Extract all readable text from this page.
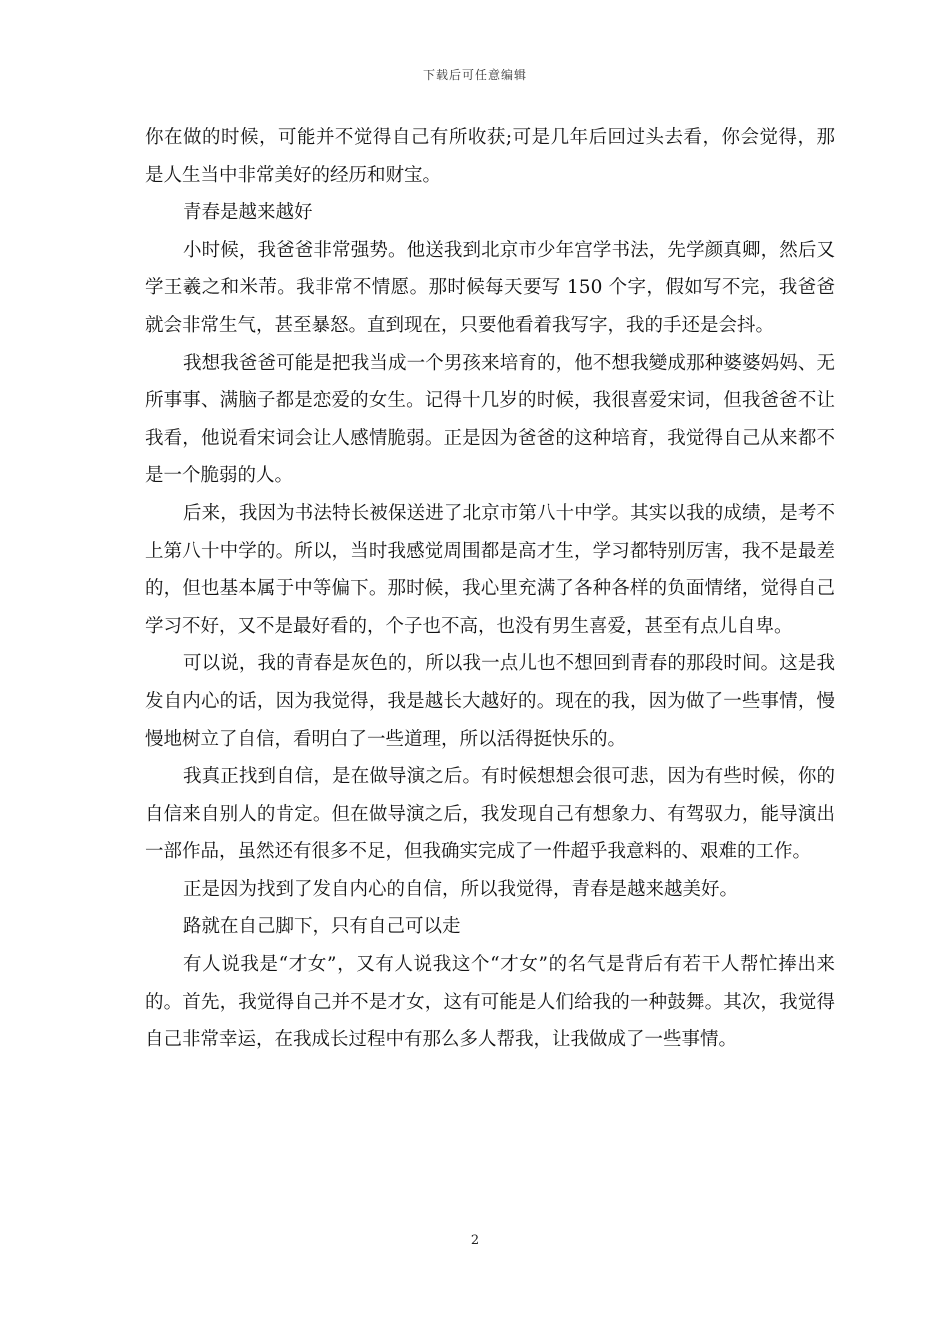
下载后可任意编辑

你在做的时候，可能并不觉得自己有所收获;可是几年后回过头去看，你会觉得，那是人生当中非常美好的经历和财宝。

青春是越来越好

小时候，我爸爸非常强势。他送我到北京市少年宫学书法，先学颜真卿，然后又学王羲之和米芾。我非常不情愿。那时候每天要写 150 个字，假如写不完，我爸爸就会非常生气，甚至暴怒。直到现在，只要他看着我写字，我的手还是会抖。

我想我爸爸可能是把我当成一个男孩来培育的，他不想我變成那种婆婆妈妈、无所事事、满脑子都是恋爱的女生。记得十几岁的时候，我很喜爱宋词，但我爸爸不让我看，他说看宋词会让人感情脆弱。正是因为爸爸的这种培育，我觉得自己从来都不是一个脆弱的人。

后来，我因为书法特长被保送进了北京市第八十中学。其实以我的成绩，是考不上第八十中学的。所以，当时我感觉周围都是高才生，学习都特别厉害，我不是最差的，但也基本属于中等偏下。那时候，我心里充满了各种各样的负面情绪，觉得自己学习不好，又不是最好看的，个子也不高，也没有男生喜爱，甚至有点儿自卑。

可以说，我的青春是灰色的，所以我一点儿也不想回到青春的那段时间。这是我发自内心的话，因为我觉得，我是越长大越好的。现在的我，因为做了一些事情，慢慢地树立了自信，看明白了一些道理，所以活得挺快乐的。

我真正找到自信，是在做导演之后。有时候想想会很可悲，因为有些时候，你的自信来自别人的肯定。但在做导演之后，我发现自己有想象力、有驾驭力，能导演出一部作品，虽然还有很多不足，但我确实完成了一件超乎我意料的、艰难的工作。

正是因为找到了发自内心的自信，所以我觉得，青春是越来越美好。

路就在自己脚下，只有自己可以走

有人说我是“才女”，又有人说我这个“才女”的名气是背后有若干人帮忙捧出来的。首先，我觉得自己并不是才女，这有可能是人们给我的一种鼓舞。其次，我觉得自己非常幸运，在我成长过程中有那么多人帮我，让我做成了一些事情。

2
